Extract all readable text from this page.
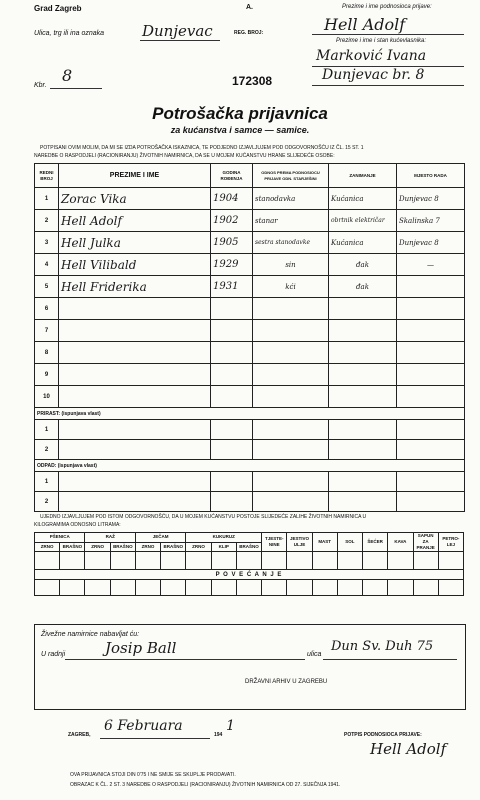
Grad Zagreb	A.	Prezime i ime podnosioca prijave:
Hell Adolf
Ulica, trg ili ina oznaka	Dunjevac	REG. BROJ:
Prezime i ime i stan kućevlasnika:
Marković Ivana
Dunjevac br. 8
Kbr.
8	172308
Potrošačka prijavnica
za kućanstva i samce — samice.
POTPISANI OVIM MOLIM, DA MI SE IZDA POTROŠAČKA ISKAZNICA, TE PODJEDNO IZJAVLJUJEM POD ODGOVORNOŠĆU IZ ČL. 15 ST. 1
NAREDBE O RASPODJELI (RACIONIRANJU) ŽIVOTNIH NAMIRNICA, DA SE U MOJEM KUĆANSTVU HRANE SLIJEDEĆE OSOBE:
REDNI BROJ	PREZIME I IME	GODINA ROĐENJA	ODNOS PREMA PODNOSIOCU PRIJAVE ODN. STARJEŠINI	ZANIMANJE	MJESTO RADA
1	Zorac Vika	1904	stanodavka	Kućanica	Dunjevac 8
2	Hell Adolf	1902	stanar	obrtnik električar	Skalinska 7
3	Hell Julka	1905	sestra stanodavke	Kućanica	Dunjevac 8
4	Hell Vilibald	1929	sin	đak	—
5	Hell Friderika	1931	kći	đak	
6					
7					
8					
9					
10					
PRIRAST: (ispunjava vlast)					
1					
2					
ODPAD: (ispunjava vlast)					
1					
2					
UJEDNO IZJAVLJUJEM POD ISTOM ODGOVORNOŠĆU, DA U MOJEM KUĆANSTVU POSTOJE SLIJEDEĆE ZALIHE ŽIVOTNIH NAMIRNICA U
KILOGRAMIMA ODNOSNO LITRAMA:
PŠENICA		RAŽ		JEČAM		KUKURUZ			TJESTE-NINE	JESTIVO ULJE	MAST	SOL	ŠEĆER	KAVA	SAPUN ZA PRANJE	PETRO-LEJ
ZRNO	BRAŠNO	ZRNO	BRAŠNO	ZRNO	BRAŠNO	ZRNO	KLIP	BRAŠNO								

P O V E Ć A N J E																

Živežne namirnice nabavljat ću:
U radnji	Josip Ball	ulica
Dun Sv. Duh 75
DRŽAVNI ARHIV U ZAGREBU
ZAGREB,
6 Februara
194
1
POTPIS PODNOSIOCA PRIJAVE:
Hell Adolf
OVA PRIJAVNICA STOJI DIN 0'75 I NE SMIJE SE SKUPLJE PRODAVATI.
OBRAZAC K ČL. 2 ST. 3 NAREDBE O RASPODJELI (RACIONIRANJU) ŽIVOTNIH NAMIRNICA OD 27. SIJEČNJA 1941.
